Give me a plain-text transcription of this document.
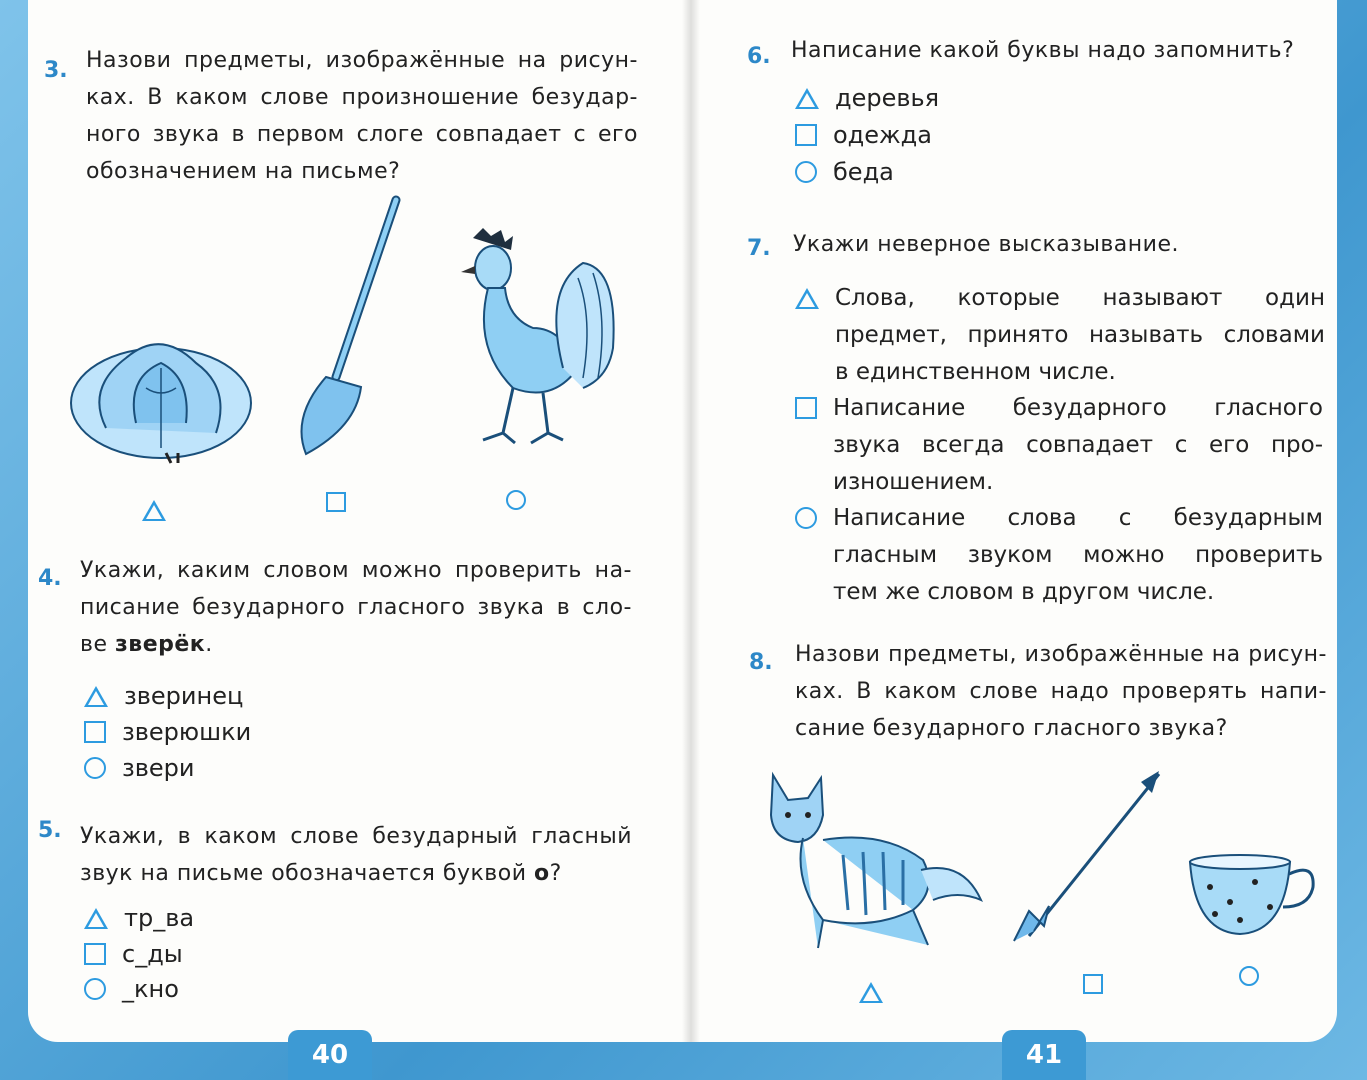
3. Назови предметы, изображённые на рисун-
ках. В каком слове произношение безудар-
ного звука в первом слоге совпадает с его
обозначением на письме?
4. Укажи, каким словом можно проверить на-
писание безударного гласного звука в сло-
ве зверёк.
зверинец
зверюшки
звери
5. Укажи, в каком слове безударный гласный
звук на письме обозначается буквой о?
тр_ва
с_ды
_кно
40
6. Написание какой буквы надо запомнить?
деревья
одежда
беда
7. Укажи неверное высказывание.
Слова, которые называют один
предмет, принято называть словами
в единственном числе.
Написание безударного гласного
звука всегда совпадает с его про-
изношением.
Написание слова с безударным
гласным звуком можно проверить
тем же словом в другом числе.
8. Назови предметы, изображённые на рисун-
ках. В каком слове надо проверять напи-
сание безударного гласного звука?
41
